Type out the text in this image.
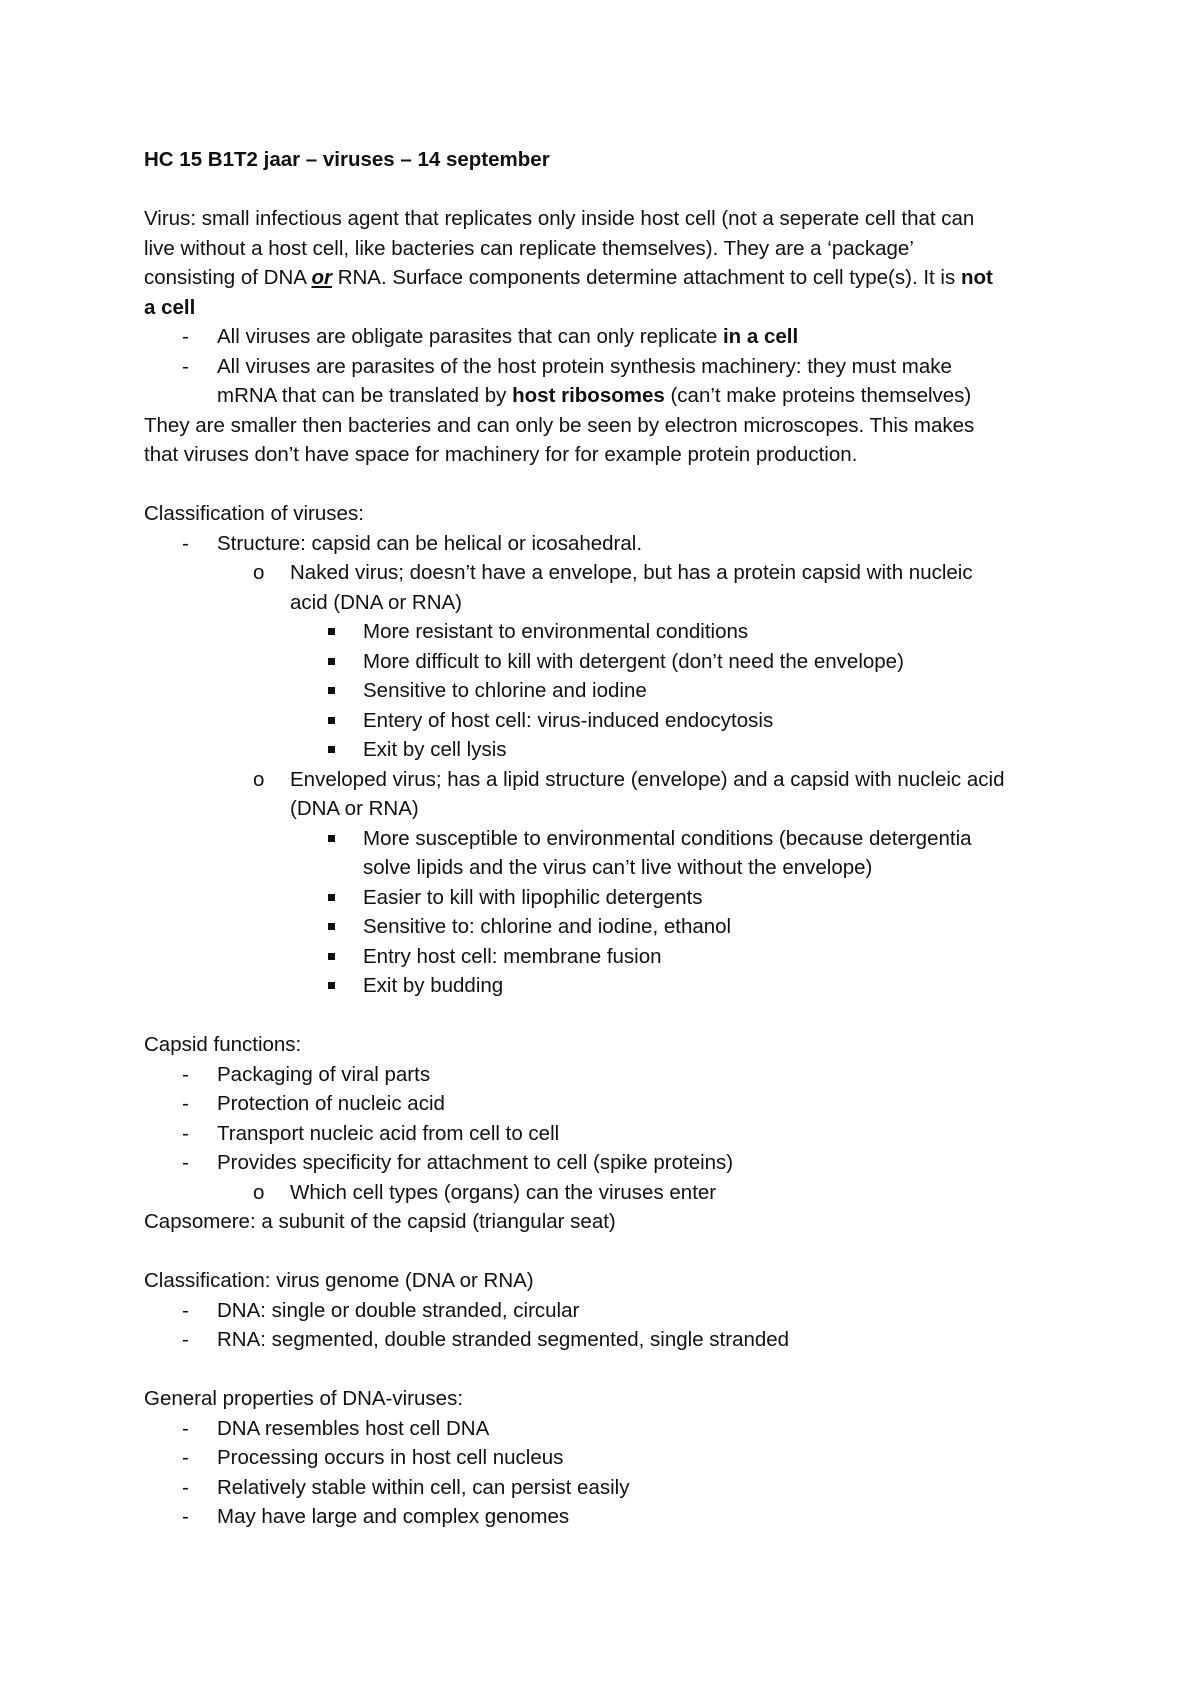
HC 15 B1T2 jaar – viruses – 14 september
Virus: small infectious agent that replicates only inside host cell (not a seperate cell that can
live without a host cell, like bacteries can replicate themselves). They are a ‘package’
consisting of DNA or RNA. Surface components determine attachment to cell type(s). It is not
a cell
- All viruses are obligate parasites that can only replicate in a cell
- All viruses are parasites of the host protein synthesis machinery: they must make
mRNA that can be translated by host ribosomes (can’t make proteins themselves)
They are smaller then bacteries and can only be seen by electron microscopes. This makes
that viruses don’t have space for machinery for for example protein production.
Classification of viruses:
- Structure: capsid can be helical or icosahedral.
o Naked virus; doesn’t have a envelope, but has a protein capsid with nucleic
acid (DNA or RNA)
More resistant to environmental conditions
More difficult to kill with detergent (don’t need the envelope)
Sensitive to chlorine and iodine
Entery of host cell: virus-induced endocytosis
Exit by cell lysis
o Enveloped virus; has a lipid structure (envelope) and a capsid with nucleic acid
(DNA or RNA)
More susceptible to environmental conditions (because detergentia
solve lipids and the virus can’t live without the envelope)
Easier to kill with lipophilic detergents
Sensitive to: chlorine and iodine, ethanol
Entry host cell: membrane fusion
Exit by budding
Capsid functions:
- Packaging of viral parts
- Protection of nucleic acid
- Transport nucleic acid from cell to cell
- Provides specificity for attachment to cell (spike proteins)
o Which cell types (organs) can the viruses enter
Capsomere: a subunit of the capsid (triangular seat)
Classification: virus genome (DNA or RNA)
- DNA: single or double stranded, circular
- RNA: segmented, double stranded segmented, single stranded
General properties of DNA-viruses:
- DNA resembles host cell DNA
- Processing occurs in host cell nucleus
- Relatively stable within cell, can persist easily
- May have large and complex genomes
